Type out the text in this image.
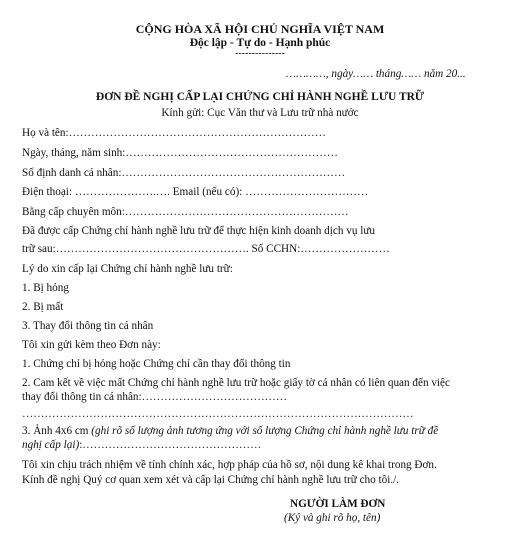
CỘNG HÒA XÃ HỘI CHỦ NGHĨA VIỆT NAM
Độc lập - Tự do - Hạnh phúc
---------------
…………, ngày…… tháng…… năm 20...
ĐƠN ĐỀ NGHỊ CẤP LẠI CHỨNG CHỈ HÀNH NGHỀ LƯU TRỮ
Kính gửi: Cục Văn thư và Lưu trữ nhà nước
Họ và tên:……………………………………………………………
Ngày, tháng, năm sinh:…………………………………………………
Số định danh cá nhân:……………………………………………………
Điện thoại: ………………….…. Email (nếu có): ……………………………
Bằng cấp chuyên môn:……………………………………………………
Đã được cấp Chứng chỉ hành nghề lưu trữ để thực hiện kinh doanh dịch vụ lưu
trữ sau:……………………………………………. Số CCHN:……………………
Lý do xin cấp lại Chứng chỉ hành nghề lưu trữ:
1. Bị hỏng
2. Bị mất
3. Thay đổi thông tin cá nhân
Tôi xin gửi kèm theo Đơn này:
1. Chứng chỉ bị hỏng hoặc Chứng chỉ cần thay đổi thông tin
2. Cam kết về việc mất Chứng chỉ hành nghề lưu trữ hoặc giấy tờ cá nhân có liên quan đến việc
thay đổi thông tin cá nhân:…………………………………
……………………………………………………………………………………………
3. Ảnh 4x6 cm (ghi rõ số lượng ảnh tương ứng với số lượng Chứng chỉ hành nghề lưu trữ đề
nghị cấp lại):…………………………………………
Tôi xin chịu trách nhiệm về tính chính xác, hợp pháp của hồ sơ, nội dung kê khai trong Đơn.
Kính đề nghị Quý cơ quan xem xét và cấp lại Chứng chỉ hành nghề lưu trữ cho tôi./.
NGƯỜI LÀM ĐƠN
(Ký và ghi rõ họ, tên)
